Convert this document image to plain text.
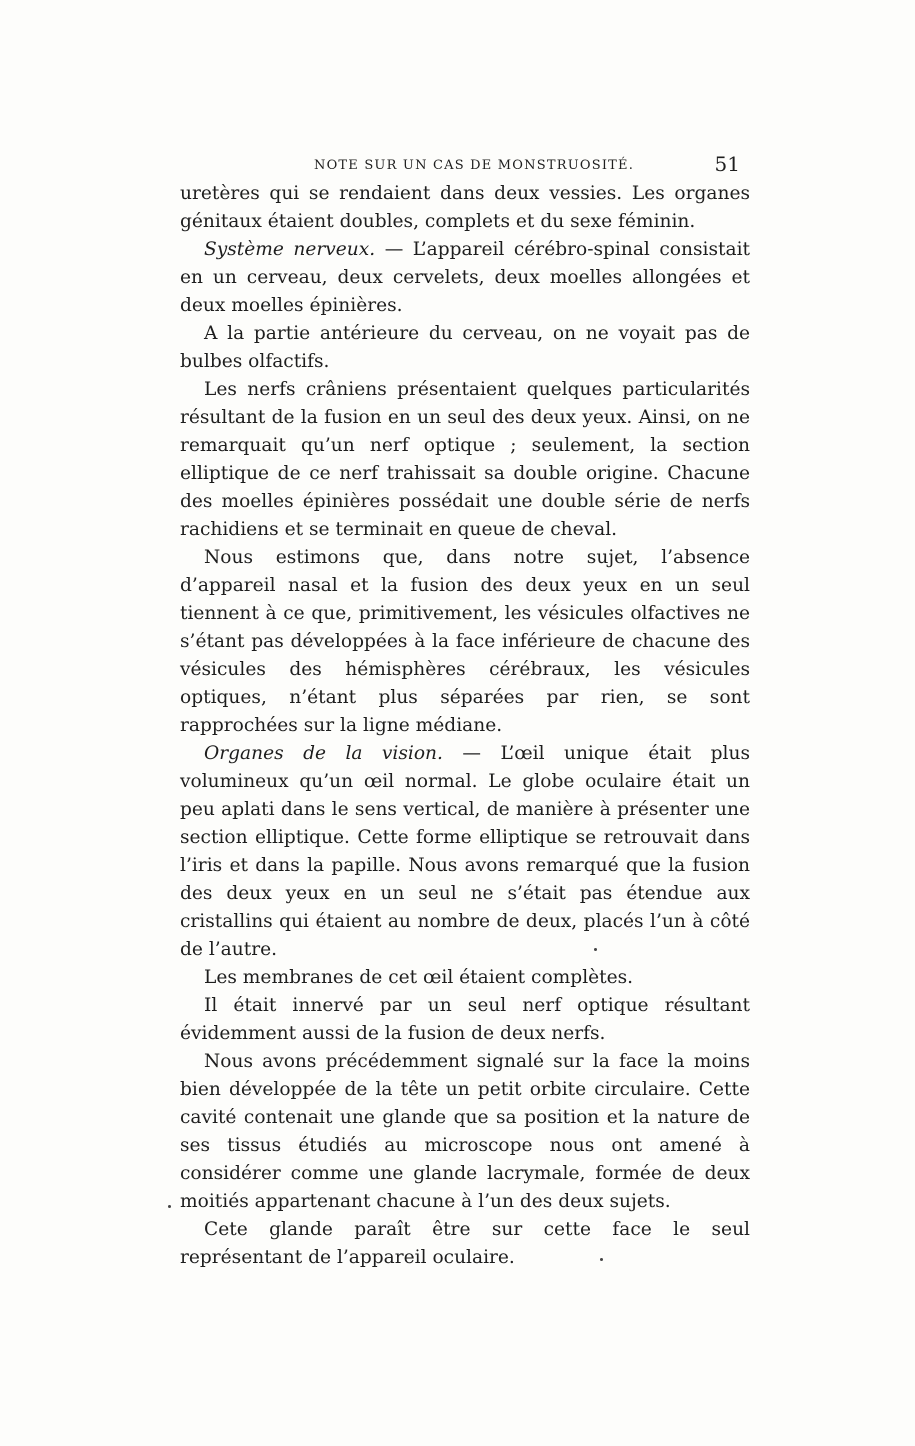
NOTE SUR UN CAS DE MONSTRUOSITÉ.	51

uretères qui se rendaient dans deux vessies. Les organes génitaux étaient doubles, complets et du sexe féminin.

Système nerveux. — L’appareil cérébro-spinal consistait en un cerveau, deux cervelets, deux moelles allongées et deux moelles épinières.

A la partie antérieure du cerveau, on ne voyait pas de bulbes olfactifs.

Les nerfs crâniens présentaient quelques particularités résultant de la fusion en un seul des deux yeux. Ainsi, on ne remarquait qu’un nerf optique ; seulement, la section elliptique de ce nerf trahissait sa double origine. Chacune des moelles épinières possédait une double série de nerfs rachidiens et se terminait en queue de cheval.

Nous estimons que, dans notre sujet, l’absence d’appareil nasal et la fusion des deux yeux en un seul tiennent à ce que, primitivement, les vésicules olfactives ne s’étant pas développées à la face inférieure de chacune des vésicules des hémisphères cérébraux, les vésicules optiques, n’étant plus séparées par rien, se sont rapprochées sur la ligne médiane.

Organes de la vision. — L’œil unique était plus volumineux qu’un œil normal. Le globe oculaire était un peu aplati dans le sens vertical, de manière à présenter une section elliptique. Cette forme elliptique se retrouvait dans l’iris et dans la papille. Nous avons remarqué que la fusion des deux yeux en un seul ne s’était pas étendue aux cristallins qui étaient au nombre de deux, placés l’un à côté de l’autre.

Les membranes de cet œil étaient complètes.

Il était innervé par un seul nerf optique résultant évidemment aussi de la fusion de deux nerfs.

Nous avons précédemment signalé sur la face la moins bien développée de la tête un petit orbite circulaire. Cette cavité contenait une glande que sa position et la nature de ses tissus étudiés au microscope nous ont amené à considérer comme une glande lacrymale, formée de deux moitiés appartenant chacune à l’un des deux sujets.

Cete glande paraît être sur cette face le seul représentant de l’appareil oculaire.
